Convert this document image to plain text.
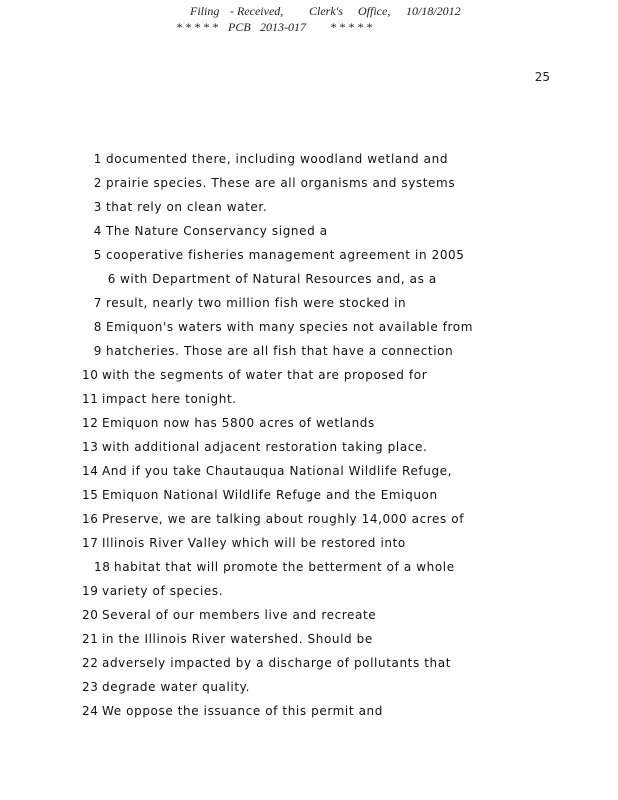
Filing - Received, Clerk's Office, 10/18/2012
* * * * * PCB 2013-017 * * * * *
25
1 documented there, including woodland wetland and
2 prairie species. These are all organisms and systems
3 that rely on clean water.
4 The Nature Conservancy signed a
5 cooperative fisheries management agreement in 2005
6 with Department of Natural Resources and, as a
7 result, nearly two million fish were stocked in
8 Emiquon's waters with many species not available from
9 hatcheries. Those are all fish that have a connection
10 with the segments of water that are proposed for
11 impact here tonight.
12 Emiquon now has 5800 acres of wetlands
13 with additional adjacent restoration taking place.
14 And if you take Chautauqua National Wildlife Refuge,
15 Emiquon National Wildlife Refuge and the Emiquon
16 Preserve, we are talking about roughly 14,000 acres of
17 Illinois River Valley which will be restored into
18 habitat that will promote the betterment of a whole
19 variety of species.
20 Several of our members live and recreate
21 in the Illinois River watershed. Should be
22 adversely impacted by a discharge of pollutants that
23 degrade water quality.
24 We oppose the issuance of this permit and
